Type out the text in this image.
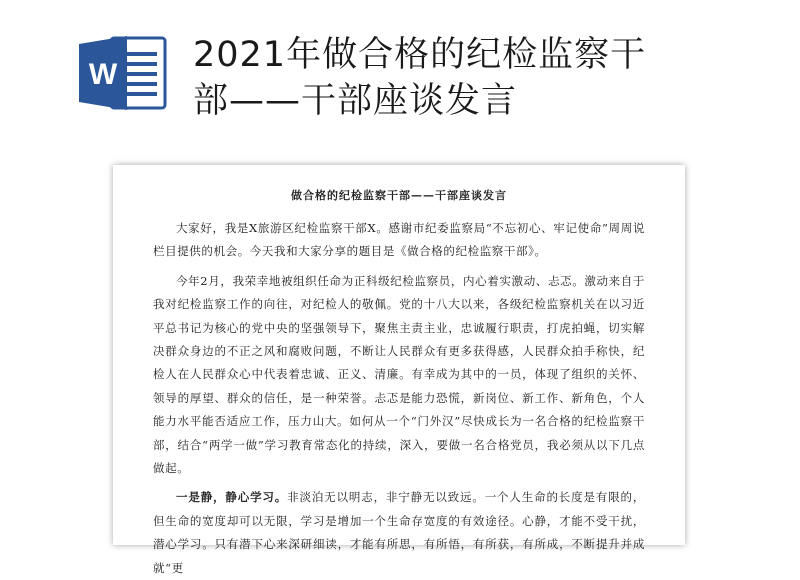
W 2021年做合格的纪检监察干
部——干部座谈发言
做合格的纪检监察干部——干部座谈发言

大家好，我是X旅游区纪检监察干部X。感谢市纪委监察局“不忘初心、牢记使命”周周说栏目提供的机会。今天我和大家分享的题目是《做合格的纪检监察干部》。

今年2月，我荣幸地被组织任命为正科级纪检监察员，内心着实激动、忐忑。激动来自于我对纪检监察工作的向往，对纪检人的敬佩。党的十八大以来，各级纪检监察机关在以习近平总书记为核心的党中央的坚强领导下，聚焦主责主业，忠诚履行职责，打虎拍蝇，切实解决群众身边的不正之风和腐败问题，不断让人民群众有更多获得感，人民群众拍手称快，纪检人在人民群众心中代表着忠诚、正义、清廉。有幸成为其中的一员，体现了组织的关怀、领导的厚望、群众的信任，是一种荣誉。忐忑是能力恐慌，新岗位、新工作、新角色，个人能力水平能否适应工作，压力山大。如何从一个“门外汉”尽快成长为一名合格的纪检监察干部，结合“两学一做”学习教育常态化的持续，深入，要做一名合格党员，我必须从以下几点做起。

一是静，静心学习。非淡泊无以明志，非宁静无以致远。一个人生命的长度是有限的，但生命的宽度却可以无限，学习是增加一个生命存宽度的有效途径。心静，才能不受干扰，潜心学习。只有潜下心来深研细读，才能有所思，有所悟，有所获，有所成，不断提升并成就“更
